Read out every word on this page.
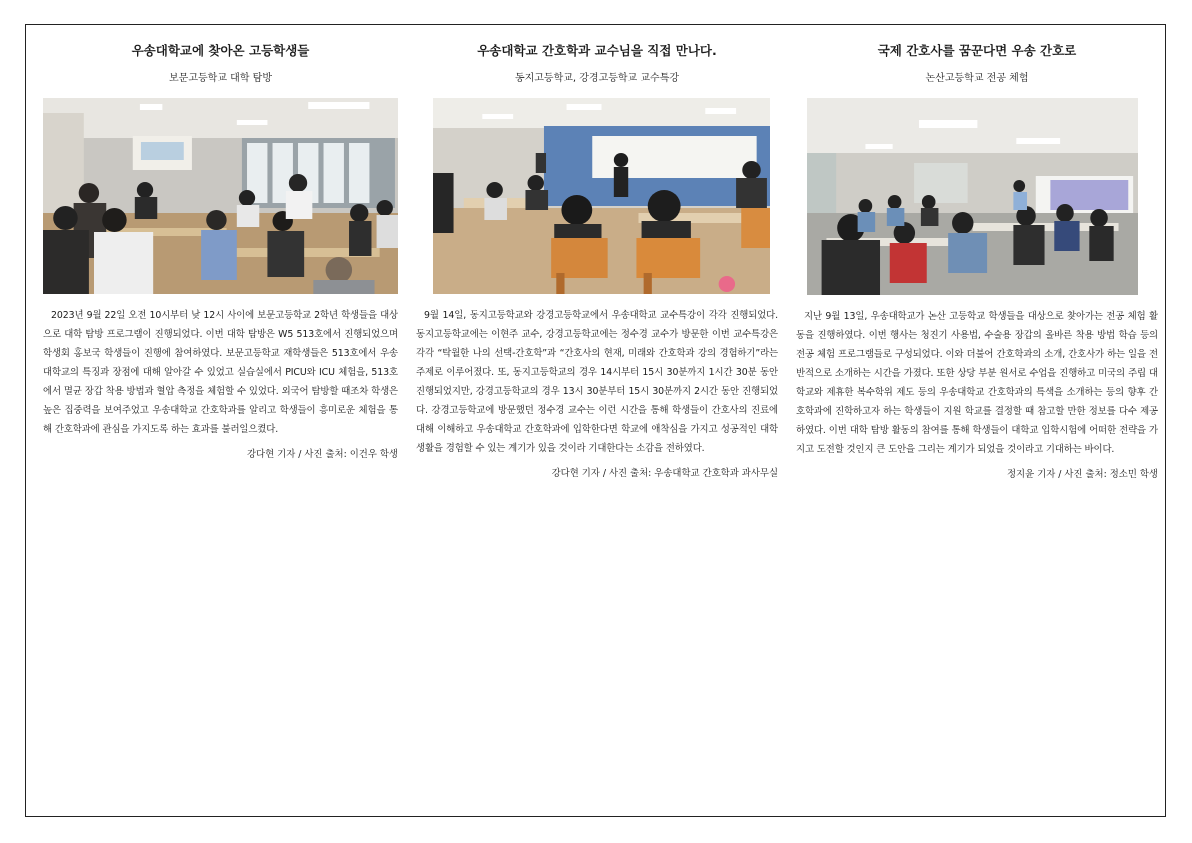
우송대학교에 찾아온 고등학생들
보문고등학교 대학 탐방
2023년 9월 22일 오전 10시부터 낮 12시 사이에 보문고등학교 2학년 학생들을 대상으로 대학 탐방 프로그램이 진행되었다. 이번 대학 탐방은 W5 513호에서 진행되었으며 학생회 홍보국 학생들이 진행에 참여하였다. 보문고등학교 재학생들은 513호에서 우송대학교의 특징과 장점에 대해 알아갈 수 있었고 실습실에서 PICU와 ICU 체험을, 513호에서 멸균 장갑 착용 방법과 혈압 측정을 체험할 수 있었다. 외국어 탐방할 때조차 학생은 높은 집중력을 보여주었고 우송대학교 간호학과를 알리고 학생들이 흥미로운 체험을 통해 간호학과에 관심을 가지도록 하는 효과를 불러일으켰다.
강다현 기자 / 사진 출처: 이건우 학생
우송대학교 간호학과 교수님을 직접 만나다.
동지고등학교, 강경고등학교 교수특강
9월 14일, 동지고등학교와 강경고등학교에서 우송대학교 교수특강이 각각 진행되었다. 동지고등학교에는 이현주 교수, 강경고등학교에는 정수경 교수가 방문한 이번 교수특강은 각각 “탁월한 나의 선택-간호학”과 “간호사의 현재, 미래와 간호학과 강의 경험하기”라는 주제로 이루어졌다. 또, 동지고등학교의 경우 14시부터 15시 30분까지 1시간 30분 동안 진행되었지만, 강경고등학교의 경우 13시 30분부터 15시 30분까지 2시간 동안 진행되었다. 강경고등학교에 방문했던 정수경 교수는 이런 시간을 통해 학생들이 간호사의 진료에 대해 이해하고 우송대학교 간호학과에 입학한다면 학교에 애착심을 가지고 성공적인 대학 생활을 경험할 수 있는 계기가 있을 것이라 기대한다는 소감을 전하였다.
강다현 기자 / 사진 출처: 우송대학교 간호학과 과사무실
국제 간호사를 꿈꾼다면 우송 간호로
논산고등학교 전공 체험
지난 9월 13일, 우송대학교가 논산 고등학교 학생들을 대상으로 찾아가는 전공 체험 활동을 진행하였다. 이번 행사는 청진기 사용법, 수술용 장갑의 올바른 착용 방법 학습 등의 전공 체험 프로그램들로 구성되었다. 이와 더불어 간호학과의 소개, 간호사가 하는 일을 전반적으로 소개하는 시간을 가졌다. 또한 상당 부분 원서로 수업을 진행하고 미국의 주립 대학교와 제휴한 복수학위 제도 등의 우송대학교 간호학과의 특색을 소개하는 등의 향후 간호학과에 진학하고자 하는 학생들이 지원 학교를 결정할 때 참고할 만한 정보를 다수 제공하였다. 이번 대학 탐방 활동의 참여를 통해 학생들이 대학교 입학시험에 어떠한 전략을 가지고 도전할 것인지 큰 도안을 그리는 계기가 되었을 것이라고 기대하는 바이다.
정지윤 기자 / 사진 출처: 정소민 학생
